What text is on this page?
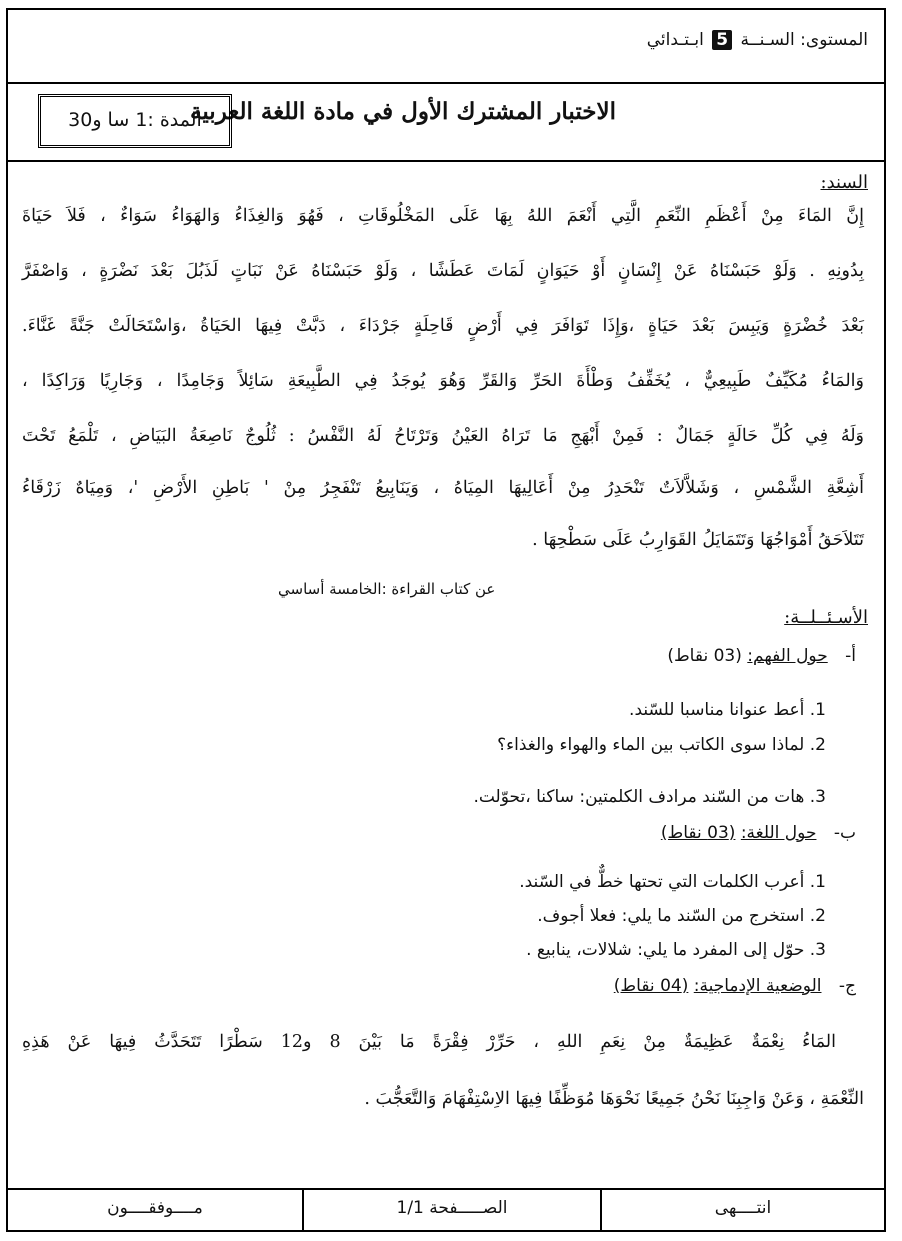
المستوى: السـنــة 5 ابـتـدائي
الاختبار المشترك الأول في مادة اللغة العربية
المدة :1 سا و30
السند:
إِنَّ المَاءَ مِنْ أَعْظَمِ النِّعَمِ الَّتِي أَنْعَمَ اللهُ بِهَا عَلَى المَخْلُوقَاتِ ، فَهُوَ وَالغِذَاءُ وَالهَوَاءُ سَوَاءٌ ، فَلاَ حَيَاةَ
بِدُونِهِ . وَلَوْ حَبَسْنَاهُ عَنْ إِنْسَانٍ أَوْ حَيَوَانٍ لَمَاتَ عَطَشًا ، وَلَوْ حَبَسْنَاهُ عَنْ نَبَاتٍ لَذَبُلَ بَعْدَ نَضْرَةٍ ، وَاصْفَرَّ
بَعْدَ خُضْرَةٍ وَيَبِسَ بَعْدَ حَيَاةٍ ،وَإِذَا تَوَافَرَ فِي أَرْضٍ قَاحِلَةٍ جَرْدَاءَ ، دَبَّتْ فِيهَا الحَيَاةُ ،وَاسْتَحَالَتْ جَنَّةً غَنَّاءَ.
وَالمَاءُ مُكَيِّفٌ طَبِيعِيٌّ ، يُخَفِّفُ وَطْأَةَ الحَرِّ وَالقَرِّ وَهُوَ يُوجَدُ فِي الطَّبِيعَةِ سَائِلاً وَجَامِدًا ، وَجَارِيًا وَرَاكِدًا ،
وَلَهُ فِي كُلِّ حَالَةٍ جَمَالٌ : فَمِنْ أَبْهَجِ مَا تَرَاهُ العَيْنُ وَتَرْتَاحُ لَهُ النَّفْسُ : ثُلُوجٌ نَاصِعَةُ البَيَاضِ ، تَلْمَعُ تَحْتَ
أَشِعَّةِ الشَّمْسِ ، وَشَلاَّلاَتٌ تَنْحَدِرُ مِنْ أَعَالِيهَا المِيَاهُ ، وَيَنَابِيعُ تَنْفَجِرُ مِنْ ' بَاطِنِ الأَرْضِ '، وَمِيَاهٌ زَرْقَاءُ
تَتَلاَحَقُ أَمْوَاجُهَا وَتَتَمَايَلُ القَوَارِبُ عَلَى سَطْحِهَا .
عن كتاب القراءة :الخامسة أساسي
الأسـئــلــة:
أ- حول الفهم: (03 نقاط)
1. أعط عنوانا مناسبا للسّند.
2. لماذا سوى الكاتب بين الماء والهواء والغذاء؟
3. هات من السّند مرادف الكلمتين: ساكنا ،تحوّلت.
ب- حول اللغة: (03 نقاط)
1. أعرب الكلمات التي تحتها خطٌّ في السّند.
2. استخرج من السّند ما يلي: فعلا أجوف.
3. حوّل إلى المفرد ما يلي: شلالات، ينابيع .
ج- الوضعية الإدماجية: (04 نقاط)
المَاءُ نِعْمَةٌ عَظِيمَةٌ مِنْ نِعَمِ اللهِ ، حَرِّرْ فِقْرَةً مَا بَيْنَ 8 و12 سَطْرًا تَتَحَدَّثُ فِيهَا عَنْ هَذِهِ
النِّعْمَةِ ، وَعَنْ وَاجِبِنَا نَحْنُ جَمِيعًا نَحْوَهَا مُوَظِّفًا فِيهَا الاِسْتِفْهَامَ وَالتَّعَجُّبَ .
انتــــهى
الصـــــفحة 1/1
مــــوفقــــون
